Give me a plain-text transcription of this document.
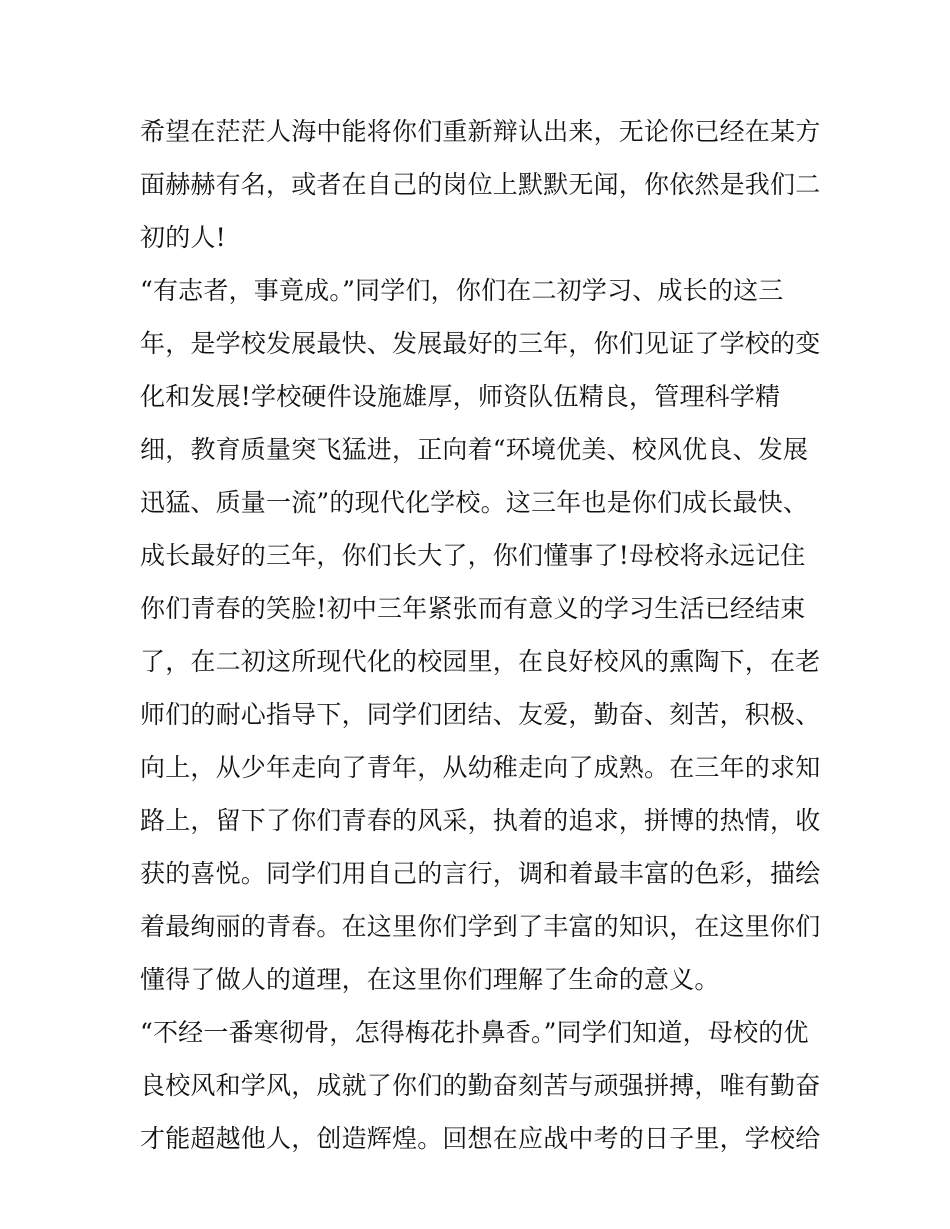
希望在茫茫人海中能将你们重新辩认出来，无论你已经在某方
面赫赫有名，或者在自己的岗位上默默无闻，你依然是我们二
初的人!
“有志者，事竟成。”同学们，你们在二初学习、成长的这三
年，是学校发展最快、发展最好的三年，你们见证了学校的变
化和发展!学校硬件设施雄厚，师资队伍精良，管理科学精
细，教育质量突飞猛进，正向着“环境优美、校风优良、发展
迅猛、质量一流”的现代化学校。这三年也是你们成长最快、
成长最好的三年，你们长大了，你们懂事了!母校将永远记住
你们青春的笑脸!初中三年紧张而有意义的学习生活已经结束
了，在二初这所现代化的校园里，在良好校风的熏陶下，在老
师们的耐心指导下，同学们团结、友爱，勤奋、刻苦，积极、
向上，从少年走向了青年，从幼稚走向了成熟。在三年的求知
路上，留下了你们青春的风采，执着的追求，拼博的热情，收
获的喜悦。同学们用自己的言行，调和着最丰富的色彩，描绘
着最绚丽的青春。在这里你们学到了丰富的知识，在这里你们
懂得了做人的道理，在这里你们理解了生命的意义。
“不经一番寒彻骨，怎得梅花扑鼻香。”同学们知道，母校的优
良校风和学风，成就了你们的勤奋刻苦与顽强拼搏，唯有勤奋
才能超越他人，创造辉煌。回想在应战中考的日子里，学校给
